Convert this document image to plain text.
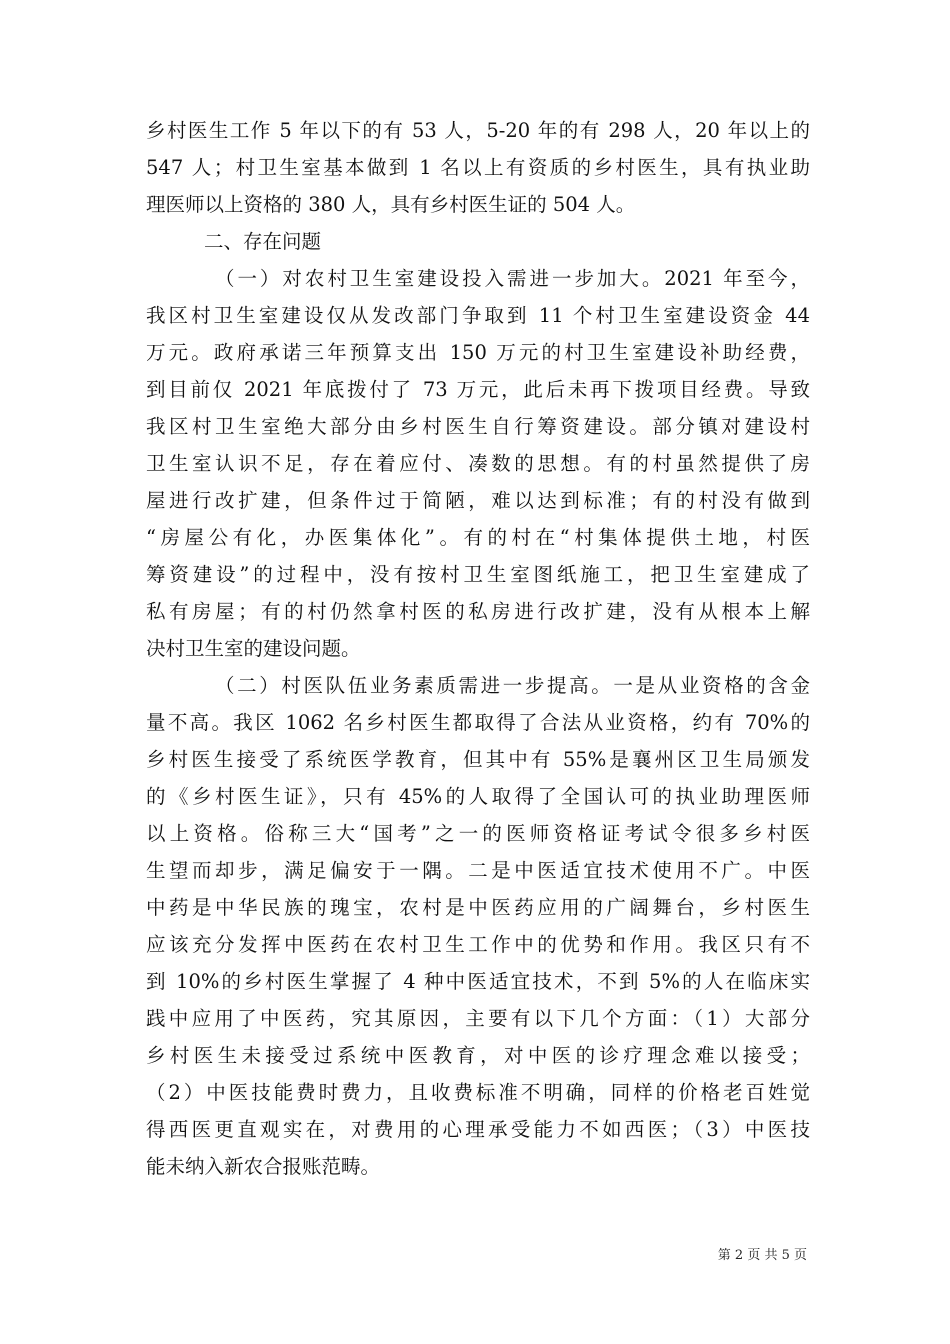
乡村医生工作 5 年以下的有 53 人，5-20 年的有 298 人，20 年以上的
547 人；村卫生室基本做到 1 名以上有资质的乡村医生，具有执业助
理医师以上资格的 380 人，具有乡村医生证的 504 人。
二、存在问题
（一）对农村卫生室建设投入需进一步加大。2021 年至今，
我区村卫生室建设仅从发改部门争取到 11 个村卫生室建设资金 44
万元。政府承诺三年预算支出 150 万元的村卫生室建设补助经费，
到目前仅 2021 年底拨付了 73 万元，此后未再下拨项目经费。导致
我区村卫生室绝大部分由乡村医生自行筹资建设。部分镇对建设村
卫生室认识不足，存在着应付、凑数的思想。有的村虽然提供了房
屋进行改扩建，但条件过于简陋，难以达到标准；有的村没有做到
“房屋公有化，办医集体化”。有的村在“村集体提供土地，村医
筹资建设”的过程中，没有按村卫生室图纸施工，把卫生室建成了
私有房屋；有的村仍然拿村医的私房进行改扩建，没有从根本上解
决村卫生室的建设问题。
（二）村医队伍业务素质需进一步提高。一是从业资格的含金
量不高。我区 1062 名乡村医生都取得了合法从业资格，约有 70%的
乡村医生接受了系统医学教育，但其中有 55%是襄州区卫生局颁发
的《乡村医生证》，只有 45%的人取得了全国认可的执业助理医师
以上资格。俗称三大“国考”之一的医师资格证考试令很多乡村医
生望而却步，满足偏安于一隅。二是中医适宜技术使用不广。中医
中药是中华民族的瑰宝，农村是中医药应用的广阔舞台，乡村医生
应该充分发挥中医药在农村卫生工作中的优势和作用。我区只有不
到 10%的乡村医生掌握了 4 种中医适宜技术，不到 5%的人在临床实
践中应用了中医药，究其原因，主要有以下几个方面：（1）大部分
乡村医生未接受过系统中医教育，对中医的诊疗理念难以接受；
（2）中医技能费时费力，且收费标准不明确，同样的价格老百姓觉
得西医更直观实在，对费用的心理承受能力不如西医；（3）中医技
能未纳入新农合报账范畴。
第 2 页 共 5 页
